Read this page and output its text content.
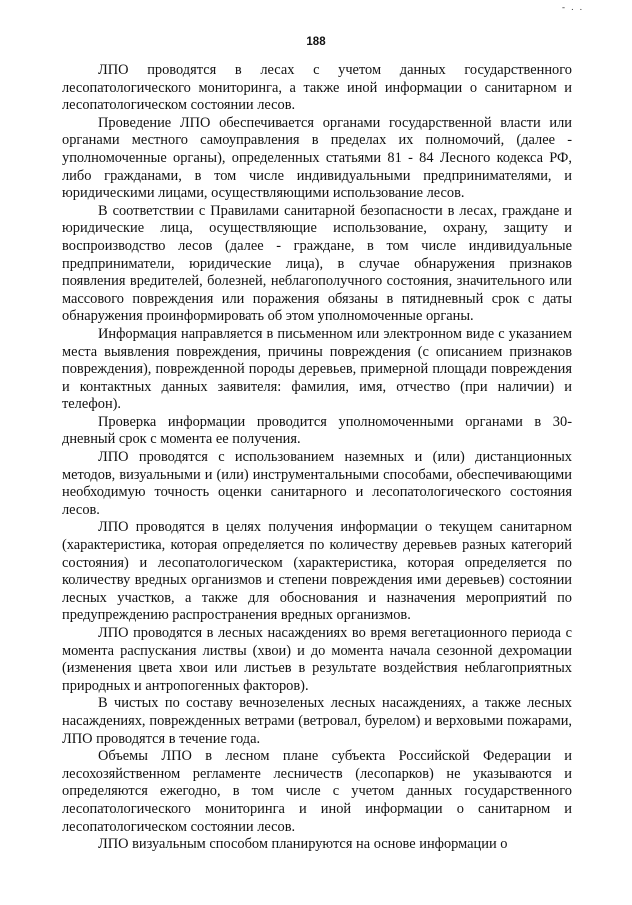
- . .
188

ЛПО проводятся в лесах с учетом данных государственного лесопатологического мониторинга, а также иной информации о санитарном и лесопатологическом состоянии лесов.

Проведение ЛПО обеспечивается органами государственной власти или органами местного самоуправления в пределах их полномочий, (далее - уполномоченные органы), определенных статьями 81 - 84 Лесного кодекса РФ, либо гражданами, в том числе индивидуальными предпринимателями, и юридическими лицами, осуществляющими использование лесов.

В соответствии с Правилами санитарной безопасности в лесах, граждане и юридические лица, осуществляющие использование, охрану, защиту и воспроизводство лесов (далее - граждане, в том числе индивидуальные предприниматели, юридические лица), в случае обнаружения признаков появления вредителей, болезней, неблагополучного состояния, значительного или массового повреждения или поражения обязаны в пятидневный срок с даты обнаружения проинформировать об этом уполномоченные органы.

Информация направляется в письменном или электронном виде с указанием места выявления повреждения, причины повреждения (с описанием признаков повреждения), поврежденной породы деревьев, примерной площади повреждения и контактных данных заявителя: фамилия, имя, отчество (при наличии) и телефон).

Проверка информации проводится уполномоченными органами в 30-дневный срок с момента ее получения.

ЛПО проводятся с использованием наземных и (или) дистанционных методов, визуальными и (или) инструментальными способами, обеспечивающими необходимую точность оценки санитарного и лесопатологического состояния лесов.

ЛПО проводятся в целях получения информации о текущем санитарном (характеристика, которая определяется по количеству деревьев разных категорий состояния) и лесопатологическом (характеристика, которая определяется по количеству вредных организмов и степени повреждения ими деревьев) состоянии лесных участков, а также для обоснования и назначения мероприятий по предупреждению распространения вредных организмов.

ЛПО проводятся в лесных насаждениях во время вегетационного периода с момента распускания листвы (хвои) и до момента начала сезонной дехромации (изменения цвета хвои или листьев в результате воздействия неблагоприятных природных и антропогенных факторов).

В чистых по составу вечнозеленых лесных насаждениях, а также лесных насаждениях, поврежденных ветрами (ветровал, бурелом) и верховыми пожарами, ЛПО проводятся в течение года.

Объемы ЛПО в лесном плане субъекта Российской Федерации и лесохозяйственном регламенте лесничеств (лесопарков) не указываются и определяются ежегодно, в том числе с учетом данных государственного лесопатологического мониторинга и иной информации о санитарном и лесопатологическом состоянии лесов.

ЛПО визуальным способом планируются на основе информации о
